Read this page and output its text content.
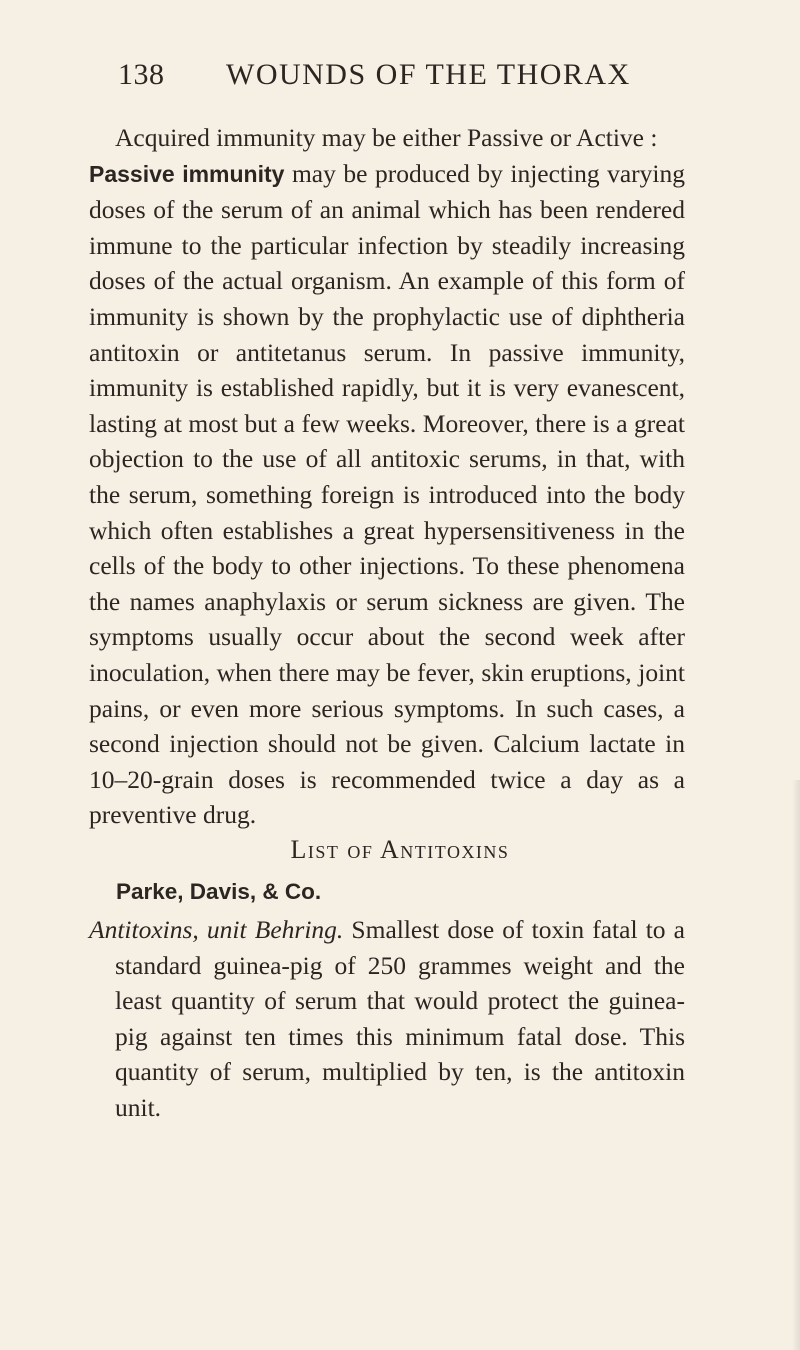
138 WOUNDS OF THE THORAX

Acquired immunity may be either Passive or Active :

Passive immunity may be produced by injecting varying doses of the serum of an animal which has been rendered immune to the particular infection by steadily increasing doses of the actual organism. An example of this form of immunity is shown by the prophylactic use of diphtheria antitoxin or antitetanus serum. In passive immunity, immunity is established rapidly, but it is very evanescent, lasting at most but a few weeks. Moreover, there is a great objection to the use of all antitoxic serums, in that, with the serum, something foreign is introduced into the body which often establishes a great hypersensitiveness in the cells of the body to other injections. To these phenomena the names anaphylaxis or serum sickness are given. The symptoms usually occur about the second week after inoculation, when there may be fever, skin eruptions, joint pains, or even more serious symptoms. In such cases, a second injection should not be given. Calcium lactate in 10–20-grain doses is recommended twice a day as a preventive drug.

List of Antitoxins
Parke, Davis, & Co.

Antitoxins, unit Behring. Smallest dose of toxin fatal to a standard guinea-pig of 250 grammes weight and the least quantity of serum that would protect the guinea-pig against ten times this minimum fatal dose. This quantity of serum, multiplied by ten, is the antitoxin unit.
